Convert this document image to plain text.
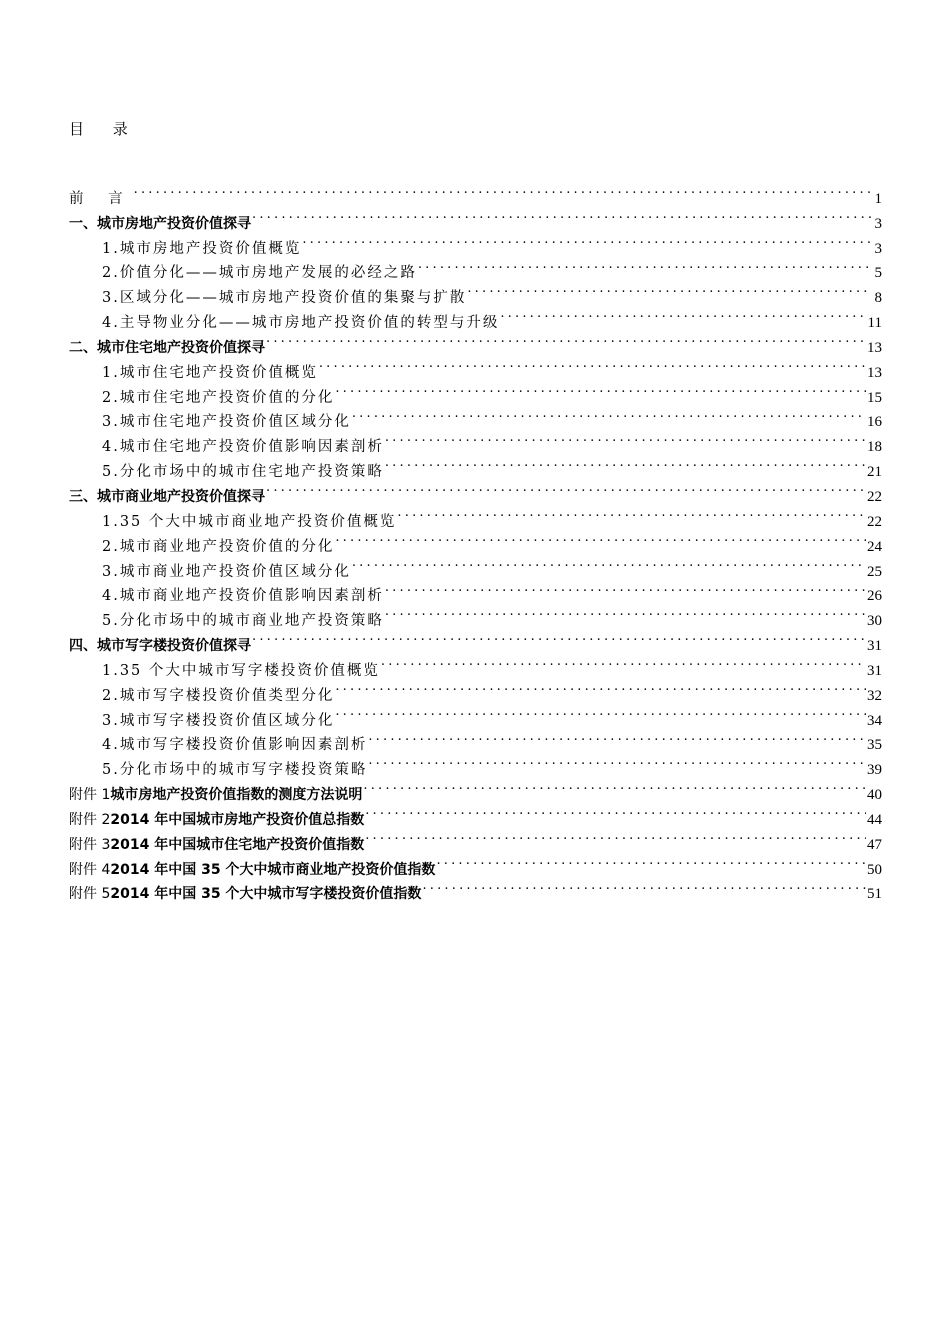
目 录
前 言 .....	1
一、城市房地产投资价值探寻 .....	3
1.城市房地产投资价值概览 .....	3
2.价值分化——城市房地产发展的必经之路 .....	5
3.区域分化——城市房地产投资价值的集聚与扩散 .....	8
4.主导物业分化——城市房地产投资价值的转型与升级 .....	11
二、城市住宅地产投资价值探寻 .....	13
1.城市住宅地产投资价值概览 .....	13
2.城市住宅地产投资价值的分化 .....	15
3.城市住宅地产投资价值区域分化 .....	16
4.城市住宅地产投资价值影响因素剖析 .....	18
5.分化市场中的城市住宅地产投资策略 .....	21
三、城市商业地产投资价值探寻 .....	22
1.35 个大中城市商业地产投资价值概览 .....	22
2.城市商业地产投资价值的分化 .....	24
3.城市商业地产投资价值区域分化 .....	25
4.城市商业地产投资价值影响因素剖析 .....	26
5.分化市场中的城市商业地产投资策略 .....	30
四、城市写字楼投资价值探寻 .....	31
1.35 个大中城市写字楼投资价值概览 .....	31
2.城市写字楼投资价值类型分化 .....	32
3.城市写字楼投资价值区域分化 .....	34
4.城市写字楼投资价值影响因素剖析 .....	35
5.分化市场中的城市写字楼投资策略 .....	39
附件 1 城市房地产投资价值指数的测度方法说明 .....	40
附件 2 2014 年中国城市房地产投资价值总指数 .....	44
附件 3 2014 年中国城市住宅地产投资价值指数 .....	47
附件 4 2014 年中国 35 个大中城市商业地产投资价值指数 .....	50
附件 5 2014 年中国 35 个大中城市写字楼投资价值指数 .....	51
